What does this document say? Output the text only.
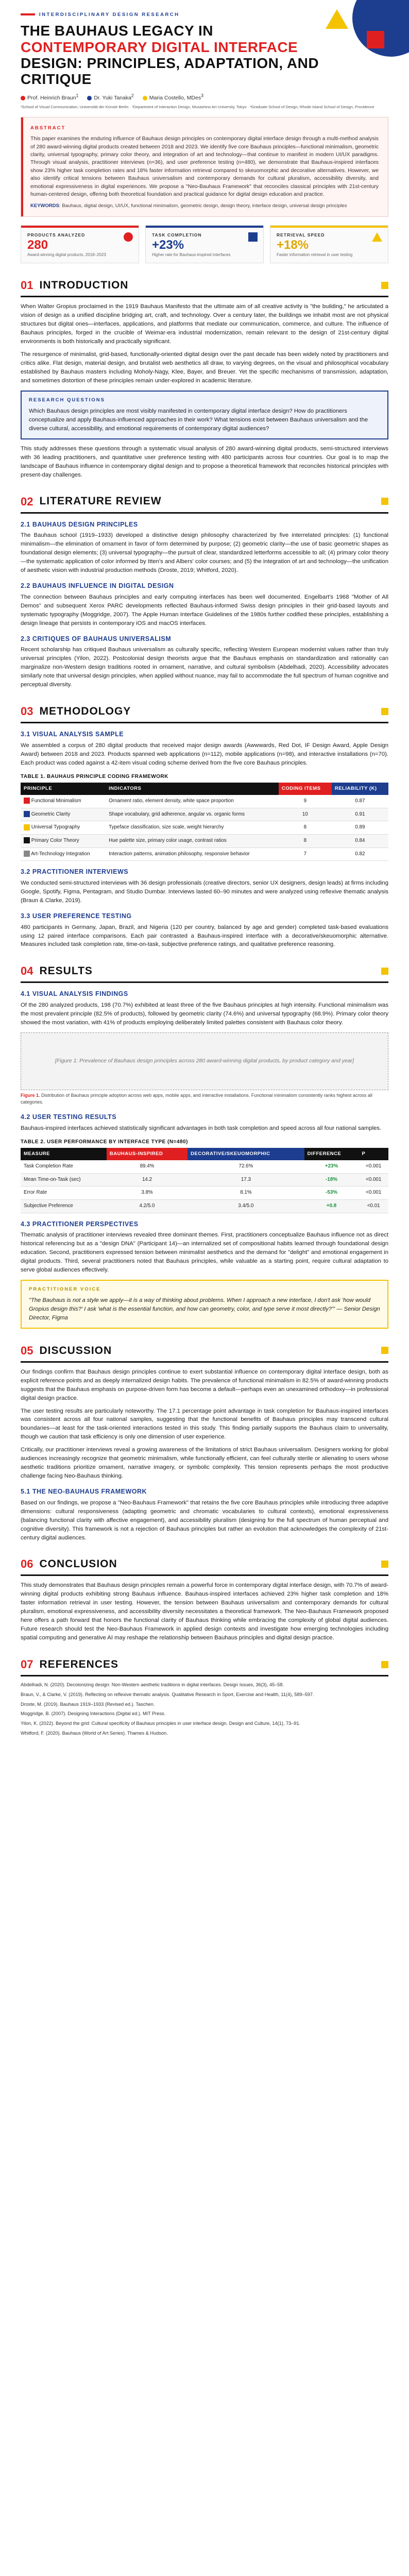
INTERDISCIPLINARY DESIGN RESEARCH
THE BAUHAUS LEGACY IN CONTEMPORARY DIGITAL INTERFACE DESIGN: PRINCIPLES, ADAPTATION, AND CRITIQUE
Prof. Heinrich Braun$^1$	Dr. Yuki Tanaka$^2$	Maria Costello, MDes$^3$
¹School of Visual Communication, Universität der Künste Berlin · ²Department of Interaction Design, Musashino Art University, Tokyo · ³Graduate School of Design, Rhode Island School of Design, Providence
ABSTRACT
This paper examines the enduring influence of Bauhaus design principles on contemporary digital interface design through a multi-method analysis of 280 award-winning digital products created between 2018 and 2023. We identify five core Bauhaus principles—functional minimalism, geometric clarity, universal typography, primary color theory, and integration of art and technology—that continue to manifest in modern UI/UX paradigms. Through visual analysis, practitioner interviews (n=36), and user preference testing (n=480), we demonstrate that Bauhaus-inspired interfaces show 23% higher task completion rates and 18% faster information retrieval compared to skeuomorphic and decorative alternatives. However, we also identify critical tensions between Bauhaus universalism and contemporary demands for cultural pluralism, accessibility diversity, and emotional expressiveness in digital experiences. We propose a "Neo-Bauhaus Framework" that reconciles classical principles with 21st-century human-centered design, offering both theoretical foundation and practical guidance for digital design education and practice.
KEYWORDS: Bauhaus, digital design, UI/UX, functional minimalism, geometric design, design theory, interface design, universal design principles
PRODUCTS ANALYZED
280
Award-winning digital products, 2018–2023
TASK COMPLETION
+23%
Higher rate for Bauhaus-inspired interfaces
RETRIEVAL SPEED
+18%
Faster information retrieval in user testing
01 INTRODUCTION

When Walter Gropius proclaimed in the 1919 Bauhaus Manifesto that the ultimate aim of all creative activity is "the building," he articulated a vision of design as a unified discipline bridging art, craft, and technology. Over a century later, the buildings we inhabit most are not physical structures but digital ones—interfaces, applications, and platforms that mediate our communication, commerce, and culture. The influence of Bauhaus principles, forged in the crucible of Weimar-era industrial modernization, remain relevant to the design of 21st-century digital environments is both historically and practically significant.

The resurgence of minimalist, grid-based, functionally-oriented digital design over the past decade has been widely noted by practitioners and critics alike. Flat design, material design, and brutalist web aesthetics all draw, to varying degrees, on the visual and philosophical vocabulary established by Bauhaus masters including Moholy-Nagy, Klee, Bayer, and Breuer. Yet the specific mechanisms of transmission, adaptation, and sometimes distortion of these principles remain under-explored in academic literature.

RESEARCH QUESTIONS

Which Bauhaus design principles are most visibly manifested in contemporary digital interface design? How do practitioners conceptualize and apply Bauhaus-influenced approaches in their work? What tensions exist between Bauhaus universalism and the diverse cultural, accessibility, and emotional requirements of contemporary digital audiences?

This study addresses these questions through a systematic visual analysis of 280 award-winning digital products, semi-structured interviews with 36 leading practitioners, and quantitative user preference testing with 480 participants across four countries. Our goal is to map the landscape of Bauhaus influence in contemporary digital design and to propose a theoretical framework that reconciles historical principles with present-day challenges.

02 LITERATURE REVIEW
2.1 BAUHAUS DESIGN PRINCIPLES

The Bauhaus school (1919–1933) developed a distinctive design philosophy characterized by five interrelated principles: (1) functional minimalism—the elimination of ornament in favor of form determined by purpose; (2) geometric clarity—the use of basic geometric shapes as foundational design elements; (3) universal typography—the pursuit of clear, standardized letterforms accessible to all; (4) primary color theory—the systematic application of color informed by Itten's and Albers' color courses; and (5) the integration of art and technology—the unification of aesthetic vision with industrial production methods (Droste, 2019; Whitford, 2020).

2.2 BAUHAUS INFLUENCE IN DIGITAL DESIGN

The connection between Bauhaus principles and early computing interfaces has been well documented. Engelbart's 1968 "Mother of All Demos" and subsequent Xerox PARC developments reflected Bauhaus-informed Swiss design principles in their grid-based layouts and systematic typography (Moggridge, 2007). The Apple Human Interface Guidelines of the 1980s further codified these principles, establishing a design lineage that persists in contemporary iOS and macOS interfaces.

2.3 CRITIQUES OF BAUHAUS UNIVERSALISM

Recent scholarship has critiqued Bauhaus universalism as culturally specific, reflecting Western European modernist values rather than truly universal principles (Yilon, 2022). Postcolonial design theorists argue that the Bauhaus emphasis on standardization and rationality can marginalize non-Western design traditions rooted in ornament, narrative, and cultural symbolism (Abdelhadi, 2020). Accessibility advocates similarly note that universal design principles, when applied without nuance, may fail to accommodate the full spectrum of human cognitive and perceptual diversity.

03 METHODOLOGY
3.1 VISUAL ANALYSIS SAMPLE

We assembled a corpus of 280 digital products that received major design awards (Awwwards, Red Dot, IF Design Award, Apple Design Award) between 2018 and 2023. Products spanned web applications (n=112), mobile applications (n=98), and interactive installations (n=70). Each product was coded against a 42-item visual coding scheme derived from the five core Bauhaus principles.

TABLE 1. BAUHAUS PRINCIPLE CODING FRAMEWORK
PRINCIPLE	INDICATORS	CODING ITEMS	RELIABILITY (Κ)
Functional Minimalism	Ornament ratio, element density, white space proportion	9	0.87
Geometric Clarity	Shape vocabulary, grid adherence, angular vs. organic forms	10	0.91
Universal Typography	Typeface classification, size scale, weight hierarchy	8	0.89
Primary Color Theory	Hue palette size, primary color usage, contrast ratios	8	0.84
Art-Technology Integration	Interaction patterns, animation philosophy, responsive behavior	7	0.82
3.2 PRACTITIONER INTERVIEWS

We conducted semi-structured interviews with 36 design professionals (creative directors, senior UX designers, design leads) at firms including Google, Spotify, Figma, Pentagram, and Studio Dumbar. Interviews lasted 60–90 minutes and were analyzed using reflexive thematic analysis (Braun & Clarke, 2019).

3.3 USER PREFERENCE TESTING

480 participants in Germany, Japan, Brazil, and Nigeria (120 per country, balanced by age and gender) completed task-based evaluations using 12 paired interface comparisons. Each pair contrasted a Bauhaus-inspired interface with a decorative/skeuomorphic alternative. Measures included task completion rate, time-on-task, subjective preference ratings, and qualitative preference reasoning.

04 RESULTS
4.1 VISUAL ANALYSIS FINDINGS

Of the 280 analyzed products, 198 (70.7%) exhibited at least three of the five Bauhaus principles at high intensity. Functional minimalism was the most prevalent principle (82.5% of products), followed by geometric clarity (74.6%) and universal typography (68.9%). Primary color theory showed the most variation, with 41% of products employing deliberately limited palettes consistent with Bauhaus color theory.

[Figure 1: Prevalence of Bauhaus design principles across 280 award-winning digital products, by product category and year]
Figure 1. Distribution of Bauhaus principle adoption across web apps, mobile apps, and interactive installations. Functional minimalism consistently ranks highest across all categories.
4.2 USER TESTING RESULTS

Bauhaus-inspired interfaces achieved statistically significant advantages in both task completion and speed across all four national samples.

TABLE 2. USER PERFORMANCE BY INTERFACE TYPE (N=480)
MEASURE	BAUHAUS-INSPIRED	DECORATIVE/SKEUOMORPHIC	DIFFERENCE	P
Task Completion Rate	89.4%	72.6%	+23%	<0.001
Mean Time-on-Task (sec)	14.2	17.3	-18%	<0.001
Error Rate	3.8%	8.1%	-53%	<0.001
Subjective Preference	4.2/5.0	3.4/5.0	+0.8	<0.01
4.3 PRACTITIONER PERSPECTIVES

Thematic analysis of practitioner interviews revealed three dominant themes. First, practitioners conceptualize Bauhaus influence not as direct historical referencing but as a "design DNA" (Participant 14)—an internalized set of compositional habits learned through foundational design education. Second, practitioners expressed tension between minimalist aesthetics and the demand for "delight" and emotional engagement in digital products. Third, several practitioners noted that Bauhaus principles, while valuable as a starting point, require cultural adaptation to serve global audiences effectively.

PRACTITIONER VOICE

"The Bauhaus is not a style we apply—it is a way of thinking about problems. When I approach a new interface, I don't ask 'how would Gropius design this?' I ask 'what is the essential function, and how can geometry, color, and type serve it most directly?'" — Senior Design Director, Figma

05 DISCUSSION

Our findings confirm that Bauhaus design principles continue to exert substantial influence on contemporary digital interface design, both as explicit reference points and as deeply internalized design habits. The prevalence of functional minimalism in 82.5% of award-winning products suggests that the Bauhaus emphasis on purpose-driven form has become a default—perhaps even an unexamined orthodoxy—in professional digital design practice.

The user testing results are particularly noteworthy. The 17.1 percentage point advantage in task completion for Bauhaus-inspired interfaces was consistent across all four national samples, suggesting that the functional benefits of Bauhaus principles may transcend cultural boundaries—at least for the task-oriented interactions tested in this study. This finding partially supports the Bauhaus claim to universality, though we caution that task efficiency is only one dimension of user experience.

Critically, our practitioner interviews reveal a growing awareness of the limitations of strict Bauhaus universalism. Designers working for global audiences increasingly recognize that geometric minimalism, while functionally efficient, can feel culturally sterile or alienating to users whose aesthetic traditions prioritize ornament, narrative imagery, or symbolic complexity. This tension represents perhaps the most productive challenge facing Neo-Bauhaus thinking.

5.1 THE NEO-BAUHAUS FRAMEWORK

Based on our findings, we propose a "Neo-Bauhaus Framework" that retains the five core Bauhaus principles while introducing three adaptive dimensions: cultural responsiveness (adapting geometric and chromatic vocabularies to cultural contexts), emotional expressiveness (balancing functional clarity with affective engagement), and accessibility pluralism (designing for the full spectrum of human perceptual and cognitive diversity). This framework is not a rejection of Bauhaus principles but rather an evolution that acknowledges the complexity of 21st-century digital audiences.

06 CONCLUSION

This study demonstrates that Bauhaus design principles remain a powerful force in contemporary digital interface design, with 70.7% of award-winning digital products exhibiting strong Bauhaus influence. Bauhaus-inspired interfaces achieved 23% higher task completion and 18% faster information retrieval in user testing. However, the tension between Bauhaus universalism and contemporary demands for cultural pluralism, emotional expressiveness, and accessibility diversity necessitates a theoretical framework. The Neo-Bauhaus Framework proposed here offers a path forward that honors the functional clarity of Bauhaus thinking while embracing the complexity of global digital audiences. Future research should test the Neo-Bauhaus Framework in applied design contexts and investigate how emerging technologies including spatial computing and generative AI may reshape the relationship between Bauhaus principles and digital design practice.

07 REFERENCES

Abdelhadi, N. (2020). Decolonizing design: Non-Western aesthetic traditions in digital interfaces. Design Issues, 36(3), 45–58.

Braun, V., & Clarke, V. (2019). Reflecting on reflexive thematic analysis. Qualitative Research in Sport, Exercise and Health, 11(4), 589–597.

Droste, M. (2019). Bauhaus 1919–1933 (Revised ed.). Taschen.

Moggridge, B. (2007). Designing Interactions (Digital ed.). MIT Press.

Yilon, K. (2022). Beyond the grid: Cultural specificity of Bauhaus principles in user interface design. Design and Culture, 14(1), 73–91.

Whitford, F. (2020). Bauhaus (World of Art Series). Thames & Hudson.
